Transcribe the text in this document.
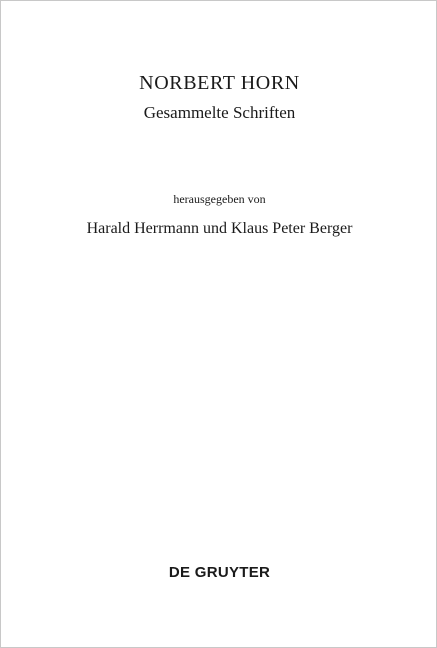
NORBERT HORN
Gesammelte Schriften
herausgegeben von
Harald Herrmann und Klaus Peter Berger
DE GRUYTER
